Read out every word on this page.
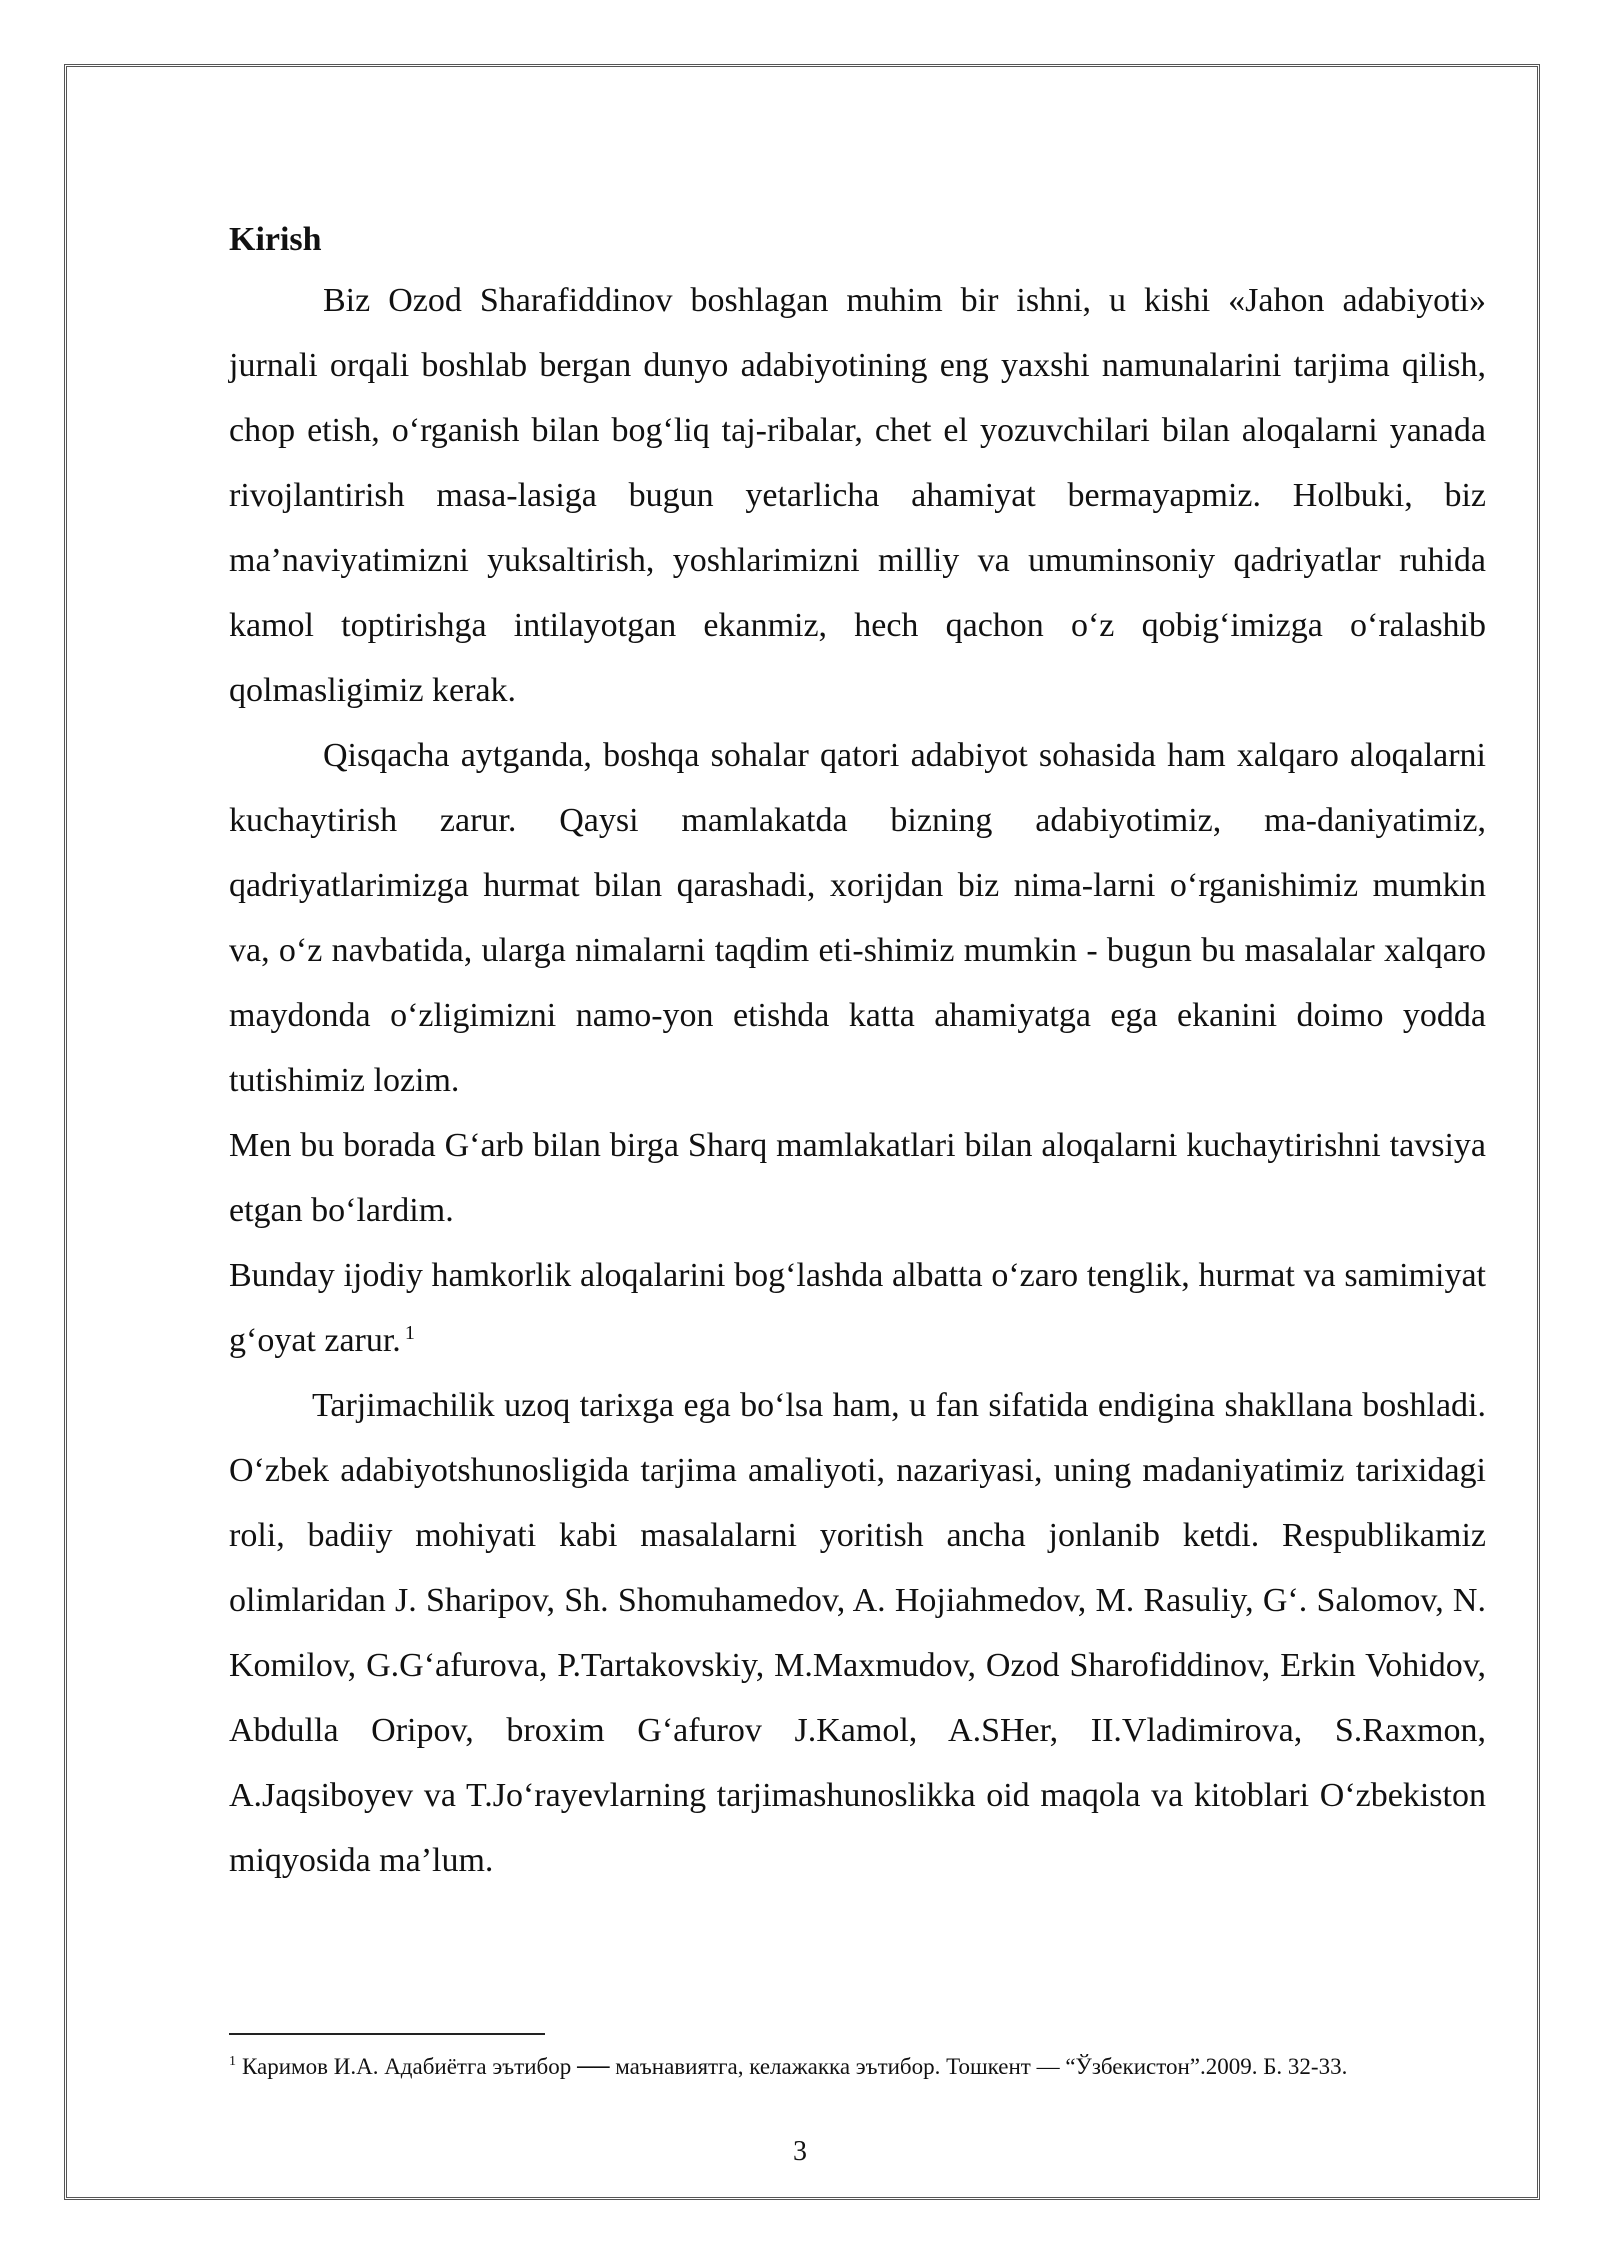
Kirish

Biz Ozod Sharafiddinov boshlagan muhim bir ishni, u kishi «Jahon adabiyoti» jurnali orqali boshlab bergan dunyo adabiyotining eng yaxshi namunalarini tarjima qilish, chop etish, o‘rganish bilan bog‘liq taj-ribalar, chet el yozuvchilari bilan aloqalarni yanada rivojlantirish masa-lasiga bugun yetarlicha ahamiyat bermayapmiz. Holbuki, biz ma’naviyatimizni yuksaltirish, yoshlarimizni milliy va umuminsoniy qadriyatlar ruhida kamol toptirishga intilayotgan ekanmiz, hech qachon o‘z qobig‘imizga o‘ralashib qolmasligimiz kerak.

Qisqacha aytganda, boshqa sohalar qatori adabiyot sohasida ham xalqaro aloqalarni kuchaytirish zarur. Qaysi mamlakatda bizning adabiyotimiz, ma-daniyatimiz, qadriyatlarimizga hurmat bilan qarashadi, xorijdan biz nima-larni o‘rganishimiz mumkin va, o‘z navbatida, ularga nimalarni taqdim eti-shimiz mumkin - bugun bu masalalar xalqaro maydonda o‘zligimizni namo-yon etishda katta ahamiyatga ega ekanini doimo yodda tutishimiz lozim.

Men bu borada G‘arb bilan birga Sharq mamlakatlari bilan aloqalarni kuchaytirishni tavsiya etgan bo‘lardim.

Bunday ijodiy hamkorlik aloqalarini bog‘lashda albatta o‘zaro tenglik, hurmat va samimiyat g‘oyat zarur. $^1$

Tarjimachilik uzoq tarixga ega bo‘lsa ham, u fan sifatida endigina shakllana boshladi. O‘zbek adabiyotshunosligida tarjima amaliyoti, nazariyasi, uning madaniyatimiz tarixidagi roli, badiiy mohiyati kabi masalalarni yoritish ancha jonlanib ketdi. Respublikamiz olimlaridan J. Sharipov, Sh. Shomuhamedov, A. Hojiahmedov, M. Rasuliy, G‘. Salomov, N. Komilov, G.G‘afurova, P.Tartakovskiy, M.Maxmudov, Ozod Sharofiddinov, Erkin Vohidov, Abdulla Oripov, broxim G‘afurov J.Kamol, A.SHer, II.Vladimirova, S.Raxmon, A.Jaqsiboyev va T.Jo‘rayevlarning tarjimashunoslikka oid maqola va kitoblari O‘zbekiston miqyosida ma’lum.

$^1$ Каримов И.А. Адабиётга эътибор ── маънавиятга, келажакка эътибор. Тошкент — “Ўзбекистон”.2009. Б. 32-33.
3
